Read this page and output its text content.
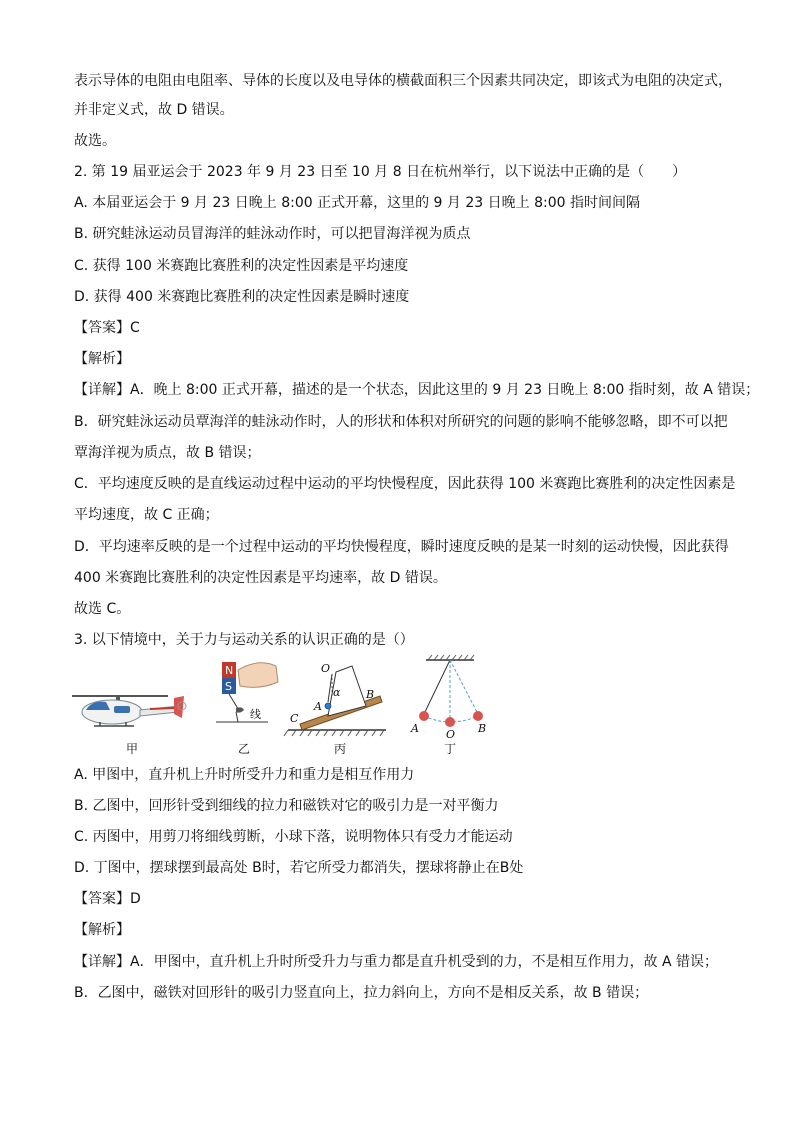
表示导体的电阻由电阻率、导体的长度以及电导体的横截面积三个因素共同决定，即该式为电阻的决定式，
并非定义式，故 D 错误。
故选。
2. 第 19 届亚运会于 2023 年 9 月 23 日至 10 月 8 日在杭州举行，以下说法中正确的是（　　）
A. 本届亚运会于 9 月 23 日晚上 8:00 正式开幕，这里的 9 月 23 日晚上 8:00 指时间间隔
B. 研究蛙泳运动员冒海洋的蛙泳动作时，可以把冒海洋视为质点
C. 获得 100 米赛跑比赛胜利的决定性因素是平均速度
D. 获得 400 米赛跑比赛胜利的决定性因素是瞬时速度
【答案】C
【解析】
【详解】A．晚上 8:00 正式开幕，描述的是一个状态，因此这里的 9 月 23 日晚上 8:00 指时刻，故 A 错误；
B．研究蛙泳运动员覃海洋的蛙泳动作时，人的形状和体积对所研究的问题的影响不能够忽略，即不可以把
覃海洋视为质点，故 B 错误；
C．平均速度反映的是直线运动过程中运动的平均快慢程度，因此获得 100 米赛跑比赛胜利的决定性因素是
平均速度，故 C 正确；
D．平均速率反映的是一个过程中运动的平均快慢程度，瞬时速度反映的是某一时刻的运动快慢，因此获得
400 米赛跑比赛胜利的决定性因素是平均速率，故 D 错误。
故选 C。
3. 以下情境中，关于力与运动关系的认识正确的是（）
N
S
线
O
α
A
B
C
A O B
甲	乙	丙	丁
A. 甲图中，直升机上升时所受升力和重力是相互作用力
B. 乙图中，回形针受到细线的拉力和磁铁对它的吸引力是一对平衡力
C. 丙图中，用剪刀将细线剪断，小球下落，说明物体只有受力才能运动
D. 丁图中，摆球摆到最高处 B时，若它所受力都消失，摆球将静止在B处
【答案】D
【解析】
【详解】A．甲图中，直升机上升时所受升力与重力都是直升机受到的力，不是相互作用力，故 A 错误；
B．乙图中，磁铁对回形针的吸引力竖直向上，拉力斜向上，方向不是相反关系，故 B 错误；
